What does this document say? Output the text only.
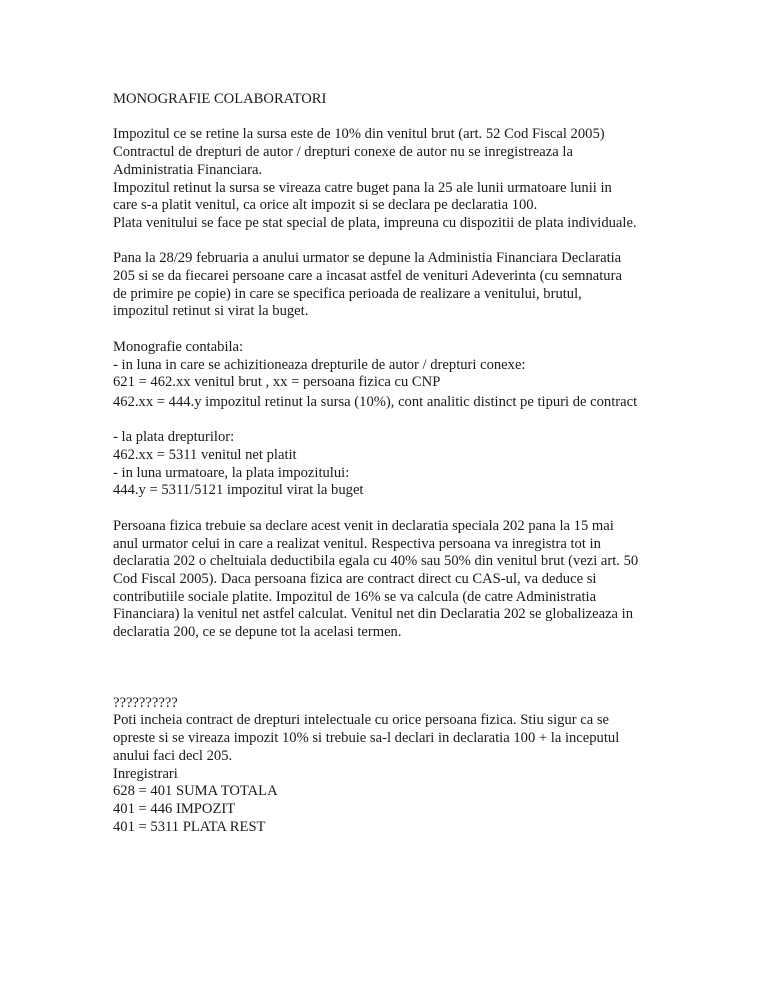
MONOGRAFIE COLABORATORI
Impozitul ce se retine la sursa este de 10% din venitul brut (art. 52 Cod Fiscal 2005)
Contractul de drepturi de autor / drepturi conexe de autor nu se inregistreaza la
Administratia Financiara.
Impozitul retinut la sursa se vireaza catre buget pana la 25 ale lunii urmatoare lunii in
care s-a platit venitul, ca orice alt impozit si se declara pe declaratia 100.
Plata venitului se face pe stat special de plata, impreuna cu dispozitii de plata individuale.
Pana la 28/29 februaria a anului urmator se depune la Administia Financiara Declaratia
205 si se da fiecarei persoane care a incasat astfel de venituri Adeverinta (cu semnatura
de primire pe copie) in care se specifica perioada de realizare a venitului, brutul,
impozitul retinut si virat la buget.
Monografie contabila:
- in luna in care se achizitioneaza drepturile de autor / drepturi conexe:
621 = 462.xx venitul brut , xx = persoana fizica cu CNP
462.xx = 444.y impozitul retinut la sursa (10%), cont analitic distinct pe tipuri de contract
- la plata drepturilor:
462.xx = 5311 venitul net platit
- in luna urmatoare, la plata impozitului:
444.y = 5311/5121 impozitul virat la buget
Persoana fizica trebuie sa declare acest venit in declaratia speciala 202 pana la 15 mai
anul urmator celui in care a realizat venitul. Respectiva persoana va inregistra tot in
declaratia 202 o cheltuiala deductibila egala cu 40% sau 50% din venitul brut (vezi art. 50
Cod Fiscal 2005). Daca persoana fizica are contract direct cu CAS-ul, va deduce si
contributiile sociale platite. Impozitul de 16% se va calcula (de catre Administratia
Financiara) la venitul net astfel calculat. Venitul net din Declaratia 202 se globalizeaza in
declaratia 200, ce se depune tot la acelasi termen.
??????????
Poti incheia contract de drepturi intelectuale cu orice persoana fizica. Stiu sigur ca se
opreste si se vireaza impozit 10% si trebuie sa-l declari in declaratia 100 + la inceputul
anului faci decl 205.
Inregistrari
628 = 401 SUMA TOTALA
401 = 446 IMPOZIT
401 = 5311 PLATA REST
